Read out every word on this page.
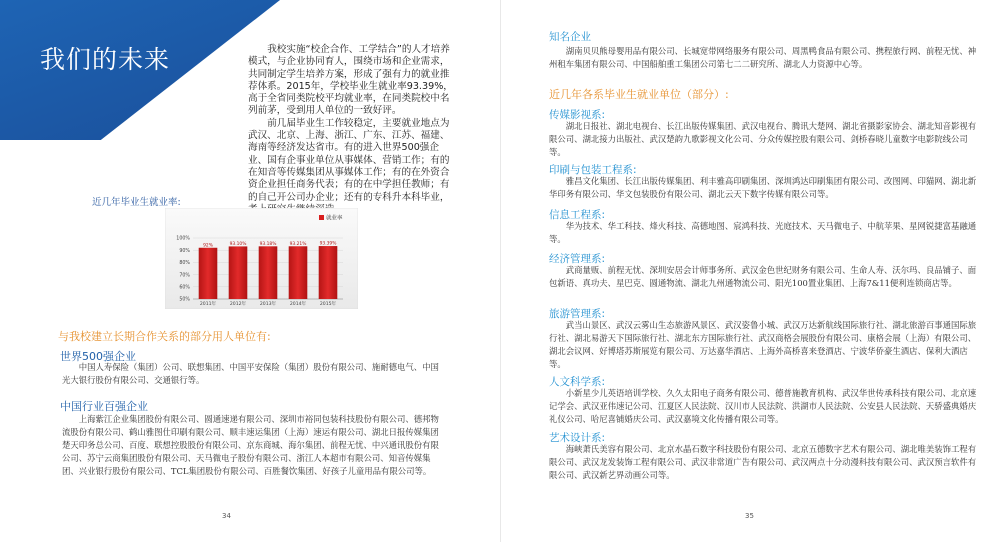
我们的未来	我校实施“校企合作、工学结合”的人才培养模式，与企业协同育人，围绕市场和企业需求，共同制定学生培养方案，形成了强有力的就业推荐体系。2015年，学校毕业生就业率93.39%，高于全省同类院校平均就业率，在同类院校中名列前茅，受到用人单位的一致好评。

前几届毕业生工作较稳定，主要就业地点为武汉、北京、上海、浙江、广东、江苏、福建、海南等经济发达省市。有的进入世界500强企业、国有企事业单位从事媒体、营销工作；有的在知音等传媒集团从事媒体工作；有的在外资合资企业担任商务代表；有的在中学担任教师；有的自己开公司办企业；还有的专科升本科毕业，

近几年毕业生就业率:
50%
60%
70%
80%
90%
100%
92%
2011年
93.10%
2012年
93.18%
2013年
93.21%
2014年
93.39%
2015年
就业率
与我校建立长期合作关系的部分用人单位有:
世界500强企业

中国人寿保险（集团）公司、联想集团、中国平安保险（集团）股份有限公司、施耐德电气、中国光大银行股份有限公司、交通银行等。

中国行业百强企业

上海紫江企业集团股份有限公司、圆通速递有限公司、深圳市裕同包装科技股份有限公司、德邦物流股份有限公司、鹤山雅图仕印刷有限公司、顺丰速运集团（上海）速运有限公司、湖北日报传媒集团楚天印务总公司、百度、联想控股股份有限公司、京东商城、海尔集团、前程无忧、中兴通讯股份有限公司、苏宁云商集团股份有限公司、天马微电子股份有限公司、浙江人本超市有限公司、知音传媒集团、兴业银行股份有限公司、TCL集团股份有限公司、百胜餐饮集团、好孩子儿童用品有限公司等。

34
知名企业

湖南贝贝熊母婴用品有限公司、长城宽带网络服务有限公司、周黑鸭食品有限公司、携程旅行网、前程无忧、神州租车集团有限公司、中国船舶重工集团公司第七二二研究所、湖北人力资源中心等。

近几年各系毕业生就业单位（部分）:
传媒影视系:

湖北日报社、湖北电视台、长江出版传媒集团、武汉电视台、腾讯大楚网、湖北省摄影家协会、湖北知音影视有限公司、湖北接力出版社、武汉楚韵九歌影视文化公司、分众传媒控股有限公司、剑桥春晓儿童数字电影院线公司等。

印刷与包装工程系:

雅昌文化集团、长江出版传媒集团、利丰雅高印刷集团、深圳鸿达印刷集团有限公司、改图网、印猫网、湖北新华印务有限公司、华文包装股份有限公司、湖北云天下数字传媒有限公司等。

信息工程系:

华为技术、华工科技、烽火科技、高德地图、宸鸿科技、光庭技术、天马微电子、中航苹果、星网锐捷富基融通等。

经济管理系:

武商量贩、前程无忧、深圳安居会计师事务所、武汉金色世纪财务有限公司、生命人寿、沃尔玛、良品铺子、面包新语、真功夫、星巴克、圆通物流、湖北九州通物流公司、阳光100置业集团、上海7&11便利连锁商店等。

旅游管理系:

武当山景区、武汉云雾山生态旅游风景区、武汉姿鲁小城、武汉万达新航线国际旅行社、湖北旅游百事通国际旅行社、湖北易游天下国际旅行社、湖北东方国际旅行社、武汉商格会展股份有限公司、康格会展（上海）有限公司、湖北会议网、好博塔苏斯展览有限公司、万达嘉华酒店、上海外高桥喜来登酒店、宁波华侨豪生酒店、保利大酒店等。

人文科学系:

小新星少儿英语培训学校、久久太阳电子商务有限公司、德普施教育机构、武汉华世传承科技有限公司、北京速记学会、武汉亚伟速记公司、江夏区人民法院、汉川市人民法院、洪湖市人民法院、公安县人民法院、天骄盛典婚庆礼仪公司、哈尼喜铺婚庆公司、武汉嘉境文化传播有限公司等。

艺术设计系:

海峡萧氏美容有限公司、北京水晶石数字科技股份有限公司、北京五德数字艺术有限公司、湖北唯美装饰工程有限公司、武汉龙发装饰工程有限公司、武汉非常道广告有限公司、武汉两点十分动漫科技有限公司、武汉预言软件有限公司、武汉新艺界动画公司等。

35
